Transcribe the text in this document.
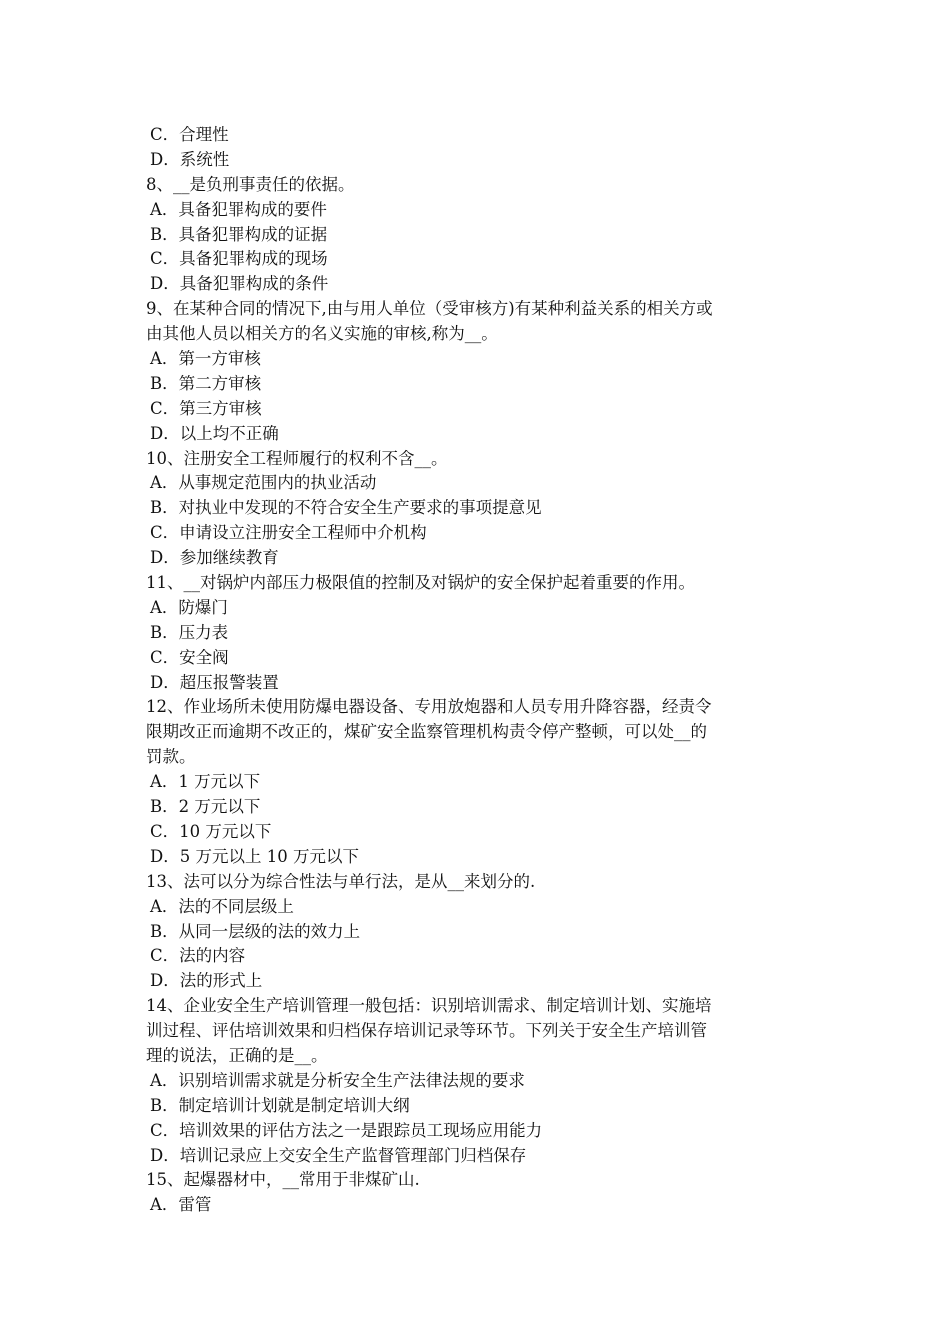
C．合理性
D．系统性
8、__是负刑事责任的依据。
A．具备犯罪构成的要件
B．具备犯罪构成的证据
C．具备犯罪构成的现场
D．具备犯罪构成的条件
9、在某种合同的情况下,由与用人单位（受审核方)有某种利益关系的相关方或
由其他人员以相关方的名义实施的审核,称为__。
A．第一方审核
B．第二方审核
C．第三方审核
D．以上均不正确
10、注册安全工程师履行的权利不含__。
A．从事规定范围内的执业活动
B．对执业中发现的不符合安全生产要求的事项提意见
C．申请设立注册安全工程师中介机构
D．参加继续教育
11、__对锅炉内部压力极限值的控制及对锅炉的安全保护起着重要的作用。
A．防爆门
B．压力表
C．安全阀
D．超压报警装置
12、作业场所未使用防爆电器设备、专用放炮器和人员专用升降容器，经责令
限期改正而逾期不改正的，煤矿安全监察管理机构责令停产整顿，可以处__的
罚款。
A．1 万元以下
B．2 万元以下
C．10 万元以下
D．5 万元以上 10 万元以下
13、法可以分为综合性法与单行法，是从__来划分的.
A．法的不同层级上
B．从同一层级的法的效力上
C．法的内容
D．法的形式上
14、企业安全生产培训管理一般包括：识别培训需求、制定培训计划、实施培
训过程、评估培训效果和归档保存培训记录等环节。下列关于安全生产培训管
理的说法，正确的是__。
A．识别培训需求就是分析安全生产法律法规的要求
B．制定培训计划就是制定培训大纲
C．培训效果的评估方法之一是跟踪员工现场应用能力
D．培训记录应上交安全生产监督管理部门归档保存
15、起爆器材中，__常用于非煤矿山.
A．雷管
